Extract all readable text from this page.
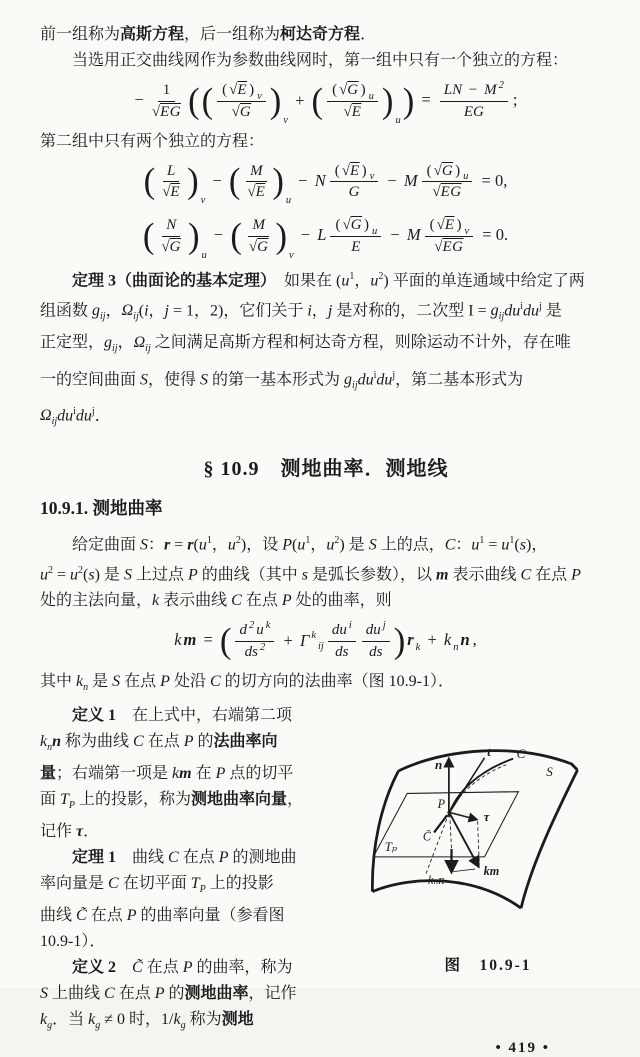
前一组称为高斯方程，后一组称为柯达奇方程．
　　当选用正交曲线网作为参数曲线网时，第一组中只有一个独立的方程：
− $\frac{1}{√EG}$ ( ( ( √E ) $_v$
√G ) v
+ ( ( √G ) $_u$
√E ) u ) = $\frac{LN - M ^2}{EG}$ ;
第二组中只有两个独立的方程：
( L
√E ) v
− ( M
√E ) u
− N $\frac{( √E ) _v}{G} - M \frac{( √G ) _u}{√EG} = 0$,
( N
√G ) u
− ( M
√G ) v
− L $\frac{( √G ) _u}{E} - M \frac{( √E ) _v}{√EG} = 0$.
　　定理 3（曲面论的基本定理）　如果在 ($u^1$，$u^2$) 平面的单连通域中给定了两
组函数 $g_{ij}$，$\Omega_{ij}(i$，j = 1，2)，它们关于 i，j 是对称的，二次型 $I = g_{ij}du^idu^j$ 是
正定型，$g_{ij}$，$\Omega_{ij}$ 之间满足高斯方程和柯达奇方程，则除运动不计外，存在唯
一的空间曲面 S，使得 S 的第一基本形式为 $g_{ij}du^idu^j$，第二基本形式为
$\Omega_{ij}du^idu^j$．
§ 10.9　测地曲率．测地线
10.9.1. 测地曲率
　　给定曲面 S：$r = r(u^1$，$u^2$)，设 $P(u^1$，$u^2$) 是 S 上的点，C：$u^1 = u^1(s)$，
$u^2 = u^2(s)$ 是 S 上过点 P 的曲线（其中 s 是弧长参数），以 m 表示曲线 C 在点 P
处的主法向量，k 表示曲线 C 在点 P 处的曲率，则
k m = ( d $^2$ u $^k$
ds $^2$ + Γ k
ij
du $^i$
ds
du $^j$
ds ) r $_k$ + k $_n$ n ,
其中 $k_n$ 是 S 在点 P 处沿 C 的切方向的法曲率（图 10.9-1）．
　　定义 1　在上式中，右端第二项
$k_nn$ 称为曲线 C 在点 P 的法曲率向
量；右端第一项是 km 在 P 点的切平
面 $T_P$ 上的投影，称为测地曲率向量，
记作 τ．
　　定理 1　曲线 C 在点 P 的测地曲
率向量是 C 在切平面 $T_P$ 上的投影
曲线 C̃ 在点 P 的曲率向量（参看图
10.9-1）．
　　定义 2　 C̃ 在点 P 的曲率，称为
S 上曲线 C 在点 P 的测地曲率，记作
$k_g$．当 $k_g \ne 0$ 时，$1/k_g$ 称为测地
n
t C
S
P
τ
C̃
Tₚ
kₙn
km
图　10.9-1
• 419 •
